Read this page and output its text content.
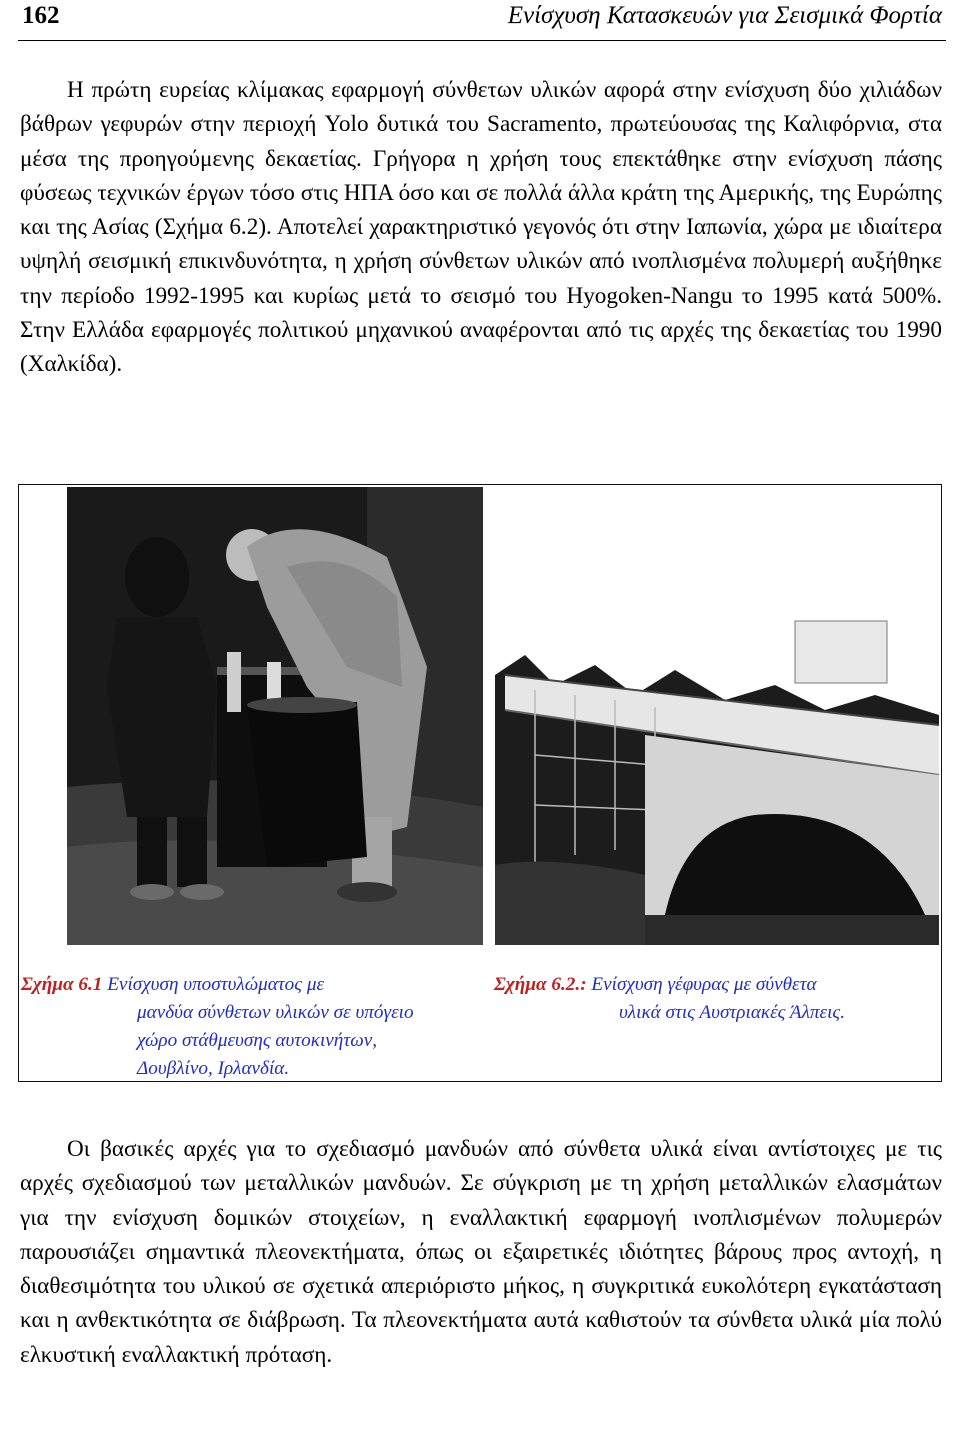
162	Ενίσχυση Κατασκευών για Σεισμικά Φορτία

Η πρώτη ευρείας κλίμακας εφαρμογή σύνθετων υλικών αφορά στην ενίσχυση δύο χιλιάδων βάθρων γεφυρών στην περιοχή Yolo δυτικά του Sacramento, πρωτεύουσας της Καλιφόρνια, στα μέσα της προηγούμενης δεκαετίας. Γρήγορα η χρήση τους επεκτάθηκε στην ενίσχυση πάσης φύσεως τεχνικών έργων τόσο στις ΗΠΑ όσο και σε πολλά άλλα κράτη της Αμερικής, της Ευρώπης και της Ασίας (Σχήμα 6.2). Αποτελεί χαρακτηριστικό γεγονός ότι στην Ιαπωνία, χώρα με ιδιαίτερα υψηλή σεισμική επικινδυνότητα, η χρήση σύνθετων υλικών από ινοπλισμένα πολυμερή αυξήθηκε την περίοδο 1992-1995 και κυρίως μετά το σεισμό του Hyogoken-Nangu το 1995 κατά 500%. Στην Ελλάδα εφαρμογές πολιτικού μηχανικού αναφέρονται από τις αρχές της δεκαετίας του 1990 (Χαλκίδα).

Σχήμα 6.1 Ενίσχυση υποστυλώματος με
μανδύα σύνθετων υλικών σε υπόγειο
χώρο στάθμευσης αυτοκινήτων,
Δουβλίνο, Ιρλανδία.
Σχήμα 6.2.: Ενίσχυση γέφυρας με σύνθετα
υλικά στις Αυστριακές Άλπεις.

Οι βασικές αρχές για το σχεδιασμό μανδυών από σύνθετα υλικά είναι αντίστοιχες με τις αρχές σχεδιασμού των μεταλλικών μανδυών. Σε σύγκριση με τη χρήση μεταλλικών ελασμάτων για την ενίσχυση δομικών στοιχείων, η εναλλακτική εφαρμογή ινοπλισμένων πολυμερών παρουσιάζει σημαντικά πλεονεκτήματα, όπως οι εξαιρετικές ιδιότητες βάρους προς αντοχή, η διαθεσιμότητα του υλικού σε σχετικά απεριόριστο μήκος, η συγκριτικά ευκολότερη εγκατάσταση και η ανθεκτικότητα σε διάβρωση. Τα πλεονεκτήματα αυτά καθιστούν τα σύνθετα υλικά μία πολύ ελκυστική εναλλακτική πρόταση.
